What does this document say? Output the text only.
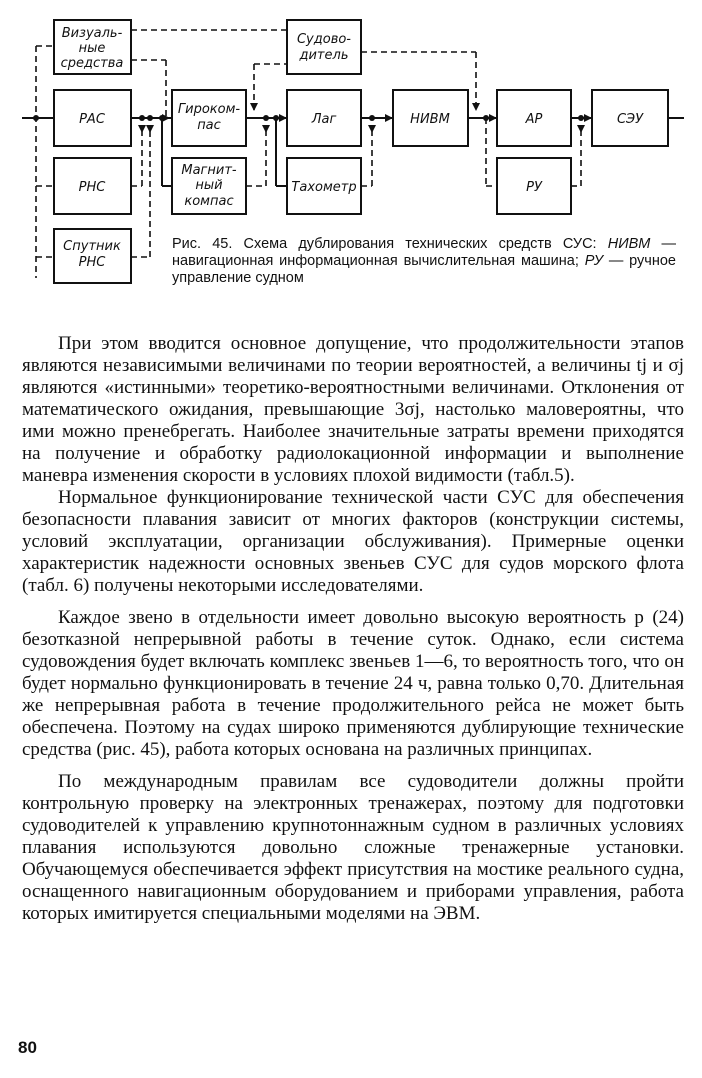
Визуаль-
ные
средства
РАС
РНС
Спутник
РНС
Гироком-
пас
Магнит-
ный
компас
Судово-
дитель
Лаг
Тахометр
НИВМ	АР
РУ
СЭУ
Рис. 45. Схема дублирования технических средств СУС: НИВМ — навигационная информационная вычислительная машина; РУ — ручное управление судном

При этом вводится основное допущение, что продолжительности этапов являются независимыми величинами по теории вероятностей, а величины tj и σj являются «истинными» теоретико-вероятностными величинами. Отклонения от математического ожидания, превышающие 3σj, настолько маловероятны, что ими можно пренебрегать. Наиболее значительные затраты времени приходятся на получение и обработку радиолокационной информации и выполнение маневра изменения скорости в условиях плохой видимости (табл.5).

Нормальное функционирование технической части СУС для обеспечения безопасности плавания зависит от многих факторов (конструкции системы, условий эксплуатации, организации обслуживания). Примерные оценки характеристик надежности основных звеньев СУС для судов морского флота (табл. 6) получены некоторыми исследователями.

Каждое звено в отдельности имеет довольно высокую вероятность p (24) безотказной непрерывной работы в течение суток. Однако, если система судовождения будет включать комплекс звеньев 1—6, то вероятность того, что он будет нормально функционировать в течение 24 ч, равна только 0,70. Длительная же непрерывная работа в течение продолжительного рейса не может быть обеспечена. Поэтому на судах широко применяются дублирующие технические средства (рис. 45), работа которых основана на различных принципах.

По международным правилам все судоводители должны пройти контрольную проверку на электронных тренажерах, поэтому для подготовки судоводителей к управлению крупнотоннажным судном в различных условиях плавания используются довольно сложные тренажерные установки. Обучающемуся обеспечивается эффект присутствия на мостике реального судна, оснащенного навигационным оборудованием и приборами управления, работа которых имитируется специальными моделями на ЭВМ.

80
